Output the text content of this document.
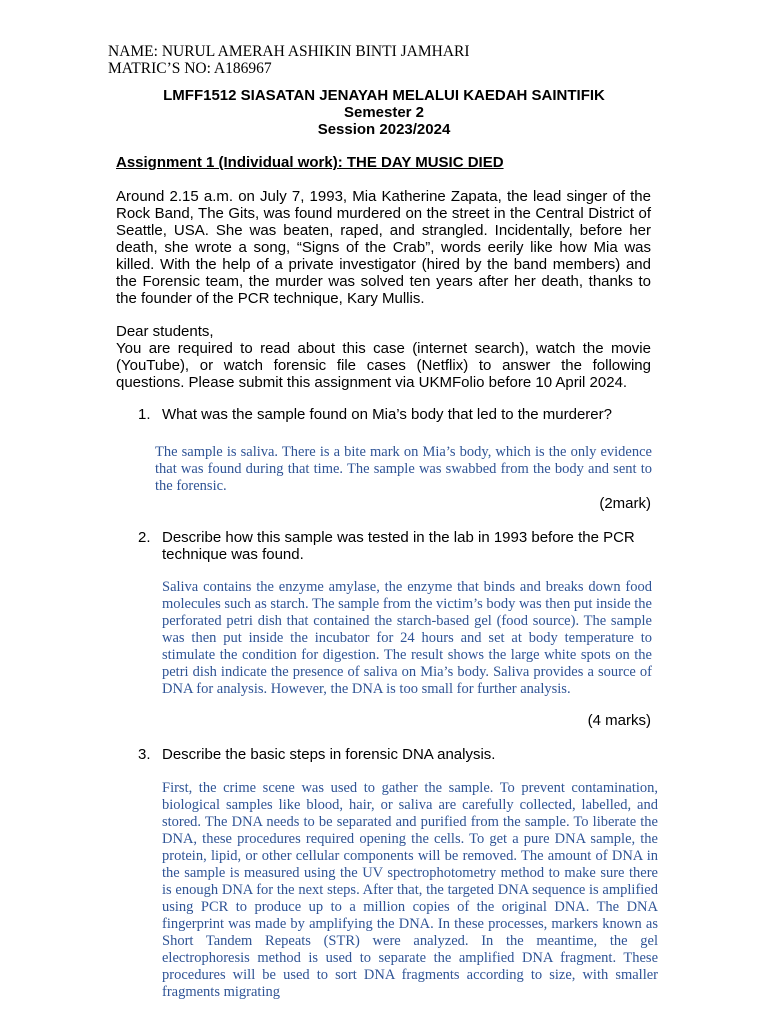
NAME: NURUL AMERAH ASHIKIN BINTI JAMHARI
MATRIC’S NO: A186967
LMFF1512 SIASATAN JENAYAH MELALUI KAEDAH SAINTIFIK
Semester 2
Session 2023/2024
Assignment 1 (Individual work): THE DAY MUSIC DIED

Around 2.15 a.m. on July 7, 1993, Mia Katherine Zapata, the lead singer of the Rock Band, The Gits, was found murdered on the street in the Central District of Seattle, USA. She was beaten, raped, and strangled. Incidentally, before her death, she wrote a song, “Signs of the Crab”, words eerily like how Mia was killed. With the help of a private investigator (hired by the band members) and the Forensic team, the murder was solved ten years after her death, thanks to the founder of the PCR technique, Kary Mullis.

Dear students,

You are required to read about this case (internet search), watch the movie (YouTube), or watch forensic file cases (Netflix) to answer the following questions. Please submit this assignment via UKMFolio before 10 April 2024.

1. What was the sample found on Mia’s body that led to the murderer?

The sample is saliva. There is a bite mark on Mia’s body, which is the only evidence that was found during that time. The sample was swabbed from the body and sent to the forensic.

(2mark)
2. Describe how this sample was tested in the lab in 1993 before the PCR technique was found.

Saliva contains the enzyme amylase, the enzyme that binds and breaks down food molecules such as starch. The sample from the victim’s body was then put inside the perforated petri dish that contained the starch-based gel (food source). The sample was then put inside the incubator for 24 hours and set at body temperature to stimulate the condition for digestion. The result shows the large white spots on the petri dish indicate the presence of saliva on Mia’s body. Saliva provides a source of DNA for analysis. However, the DNA is too small for further analysis.

(4 marks)
3. Describe the basic steps in forensic DNA analysis.

First, the crime scene was used to gather the sample. To prevent contamination, biological samples like blood, hair, or saliva are carefully collected, labelled, and stored. The DNA needs to be separated and purified from the sample. To liberate the DNA, these procedures required opening the cells. To get a pure DNA sample, the protein, lipid, or other cellular components will be removed. The amount of DNA in the sample is measured using the UV spectrophotometry method to make sure there is enough DNA for the next steps. After that, the targeted DNA sequence is amplified using PCR to produce up to a million copies of the original DNA. The DNA fingerprint was made by amplifying the DNA. In these processes, markers known as Short Tandem Repeats (STR) were analyzed. In the meantime, the gel electrophoresis method is used to separate the amplified DNA fragment. These procedures will be used to sort DNA fragments according to size, with smaller fragments migrating
